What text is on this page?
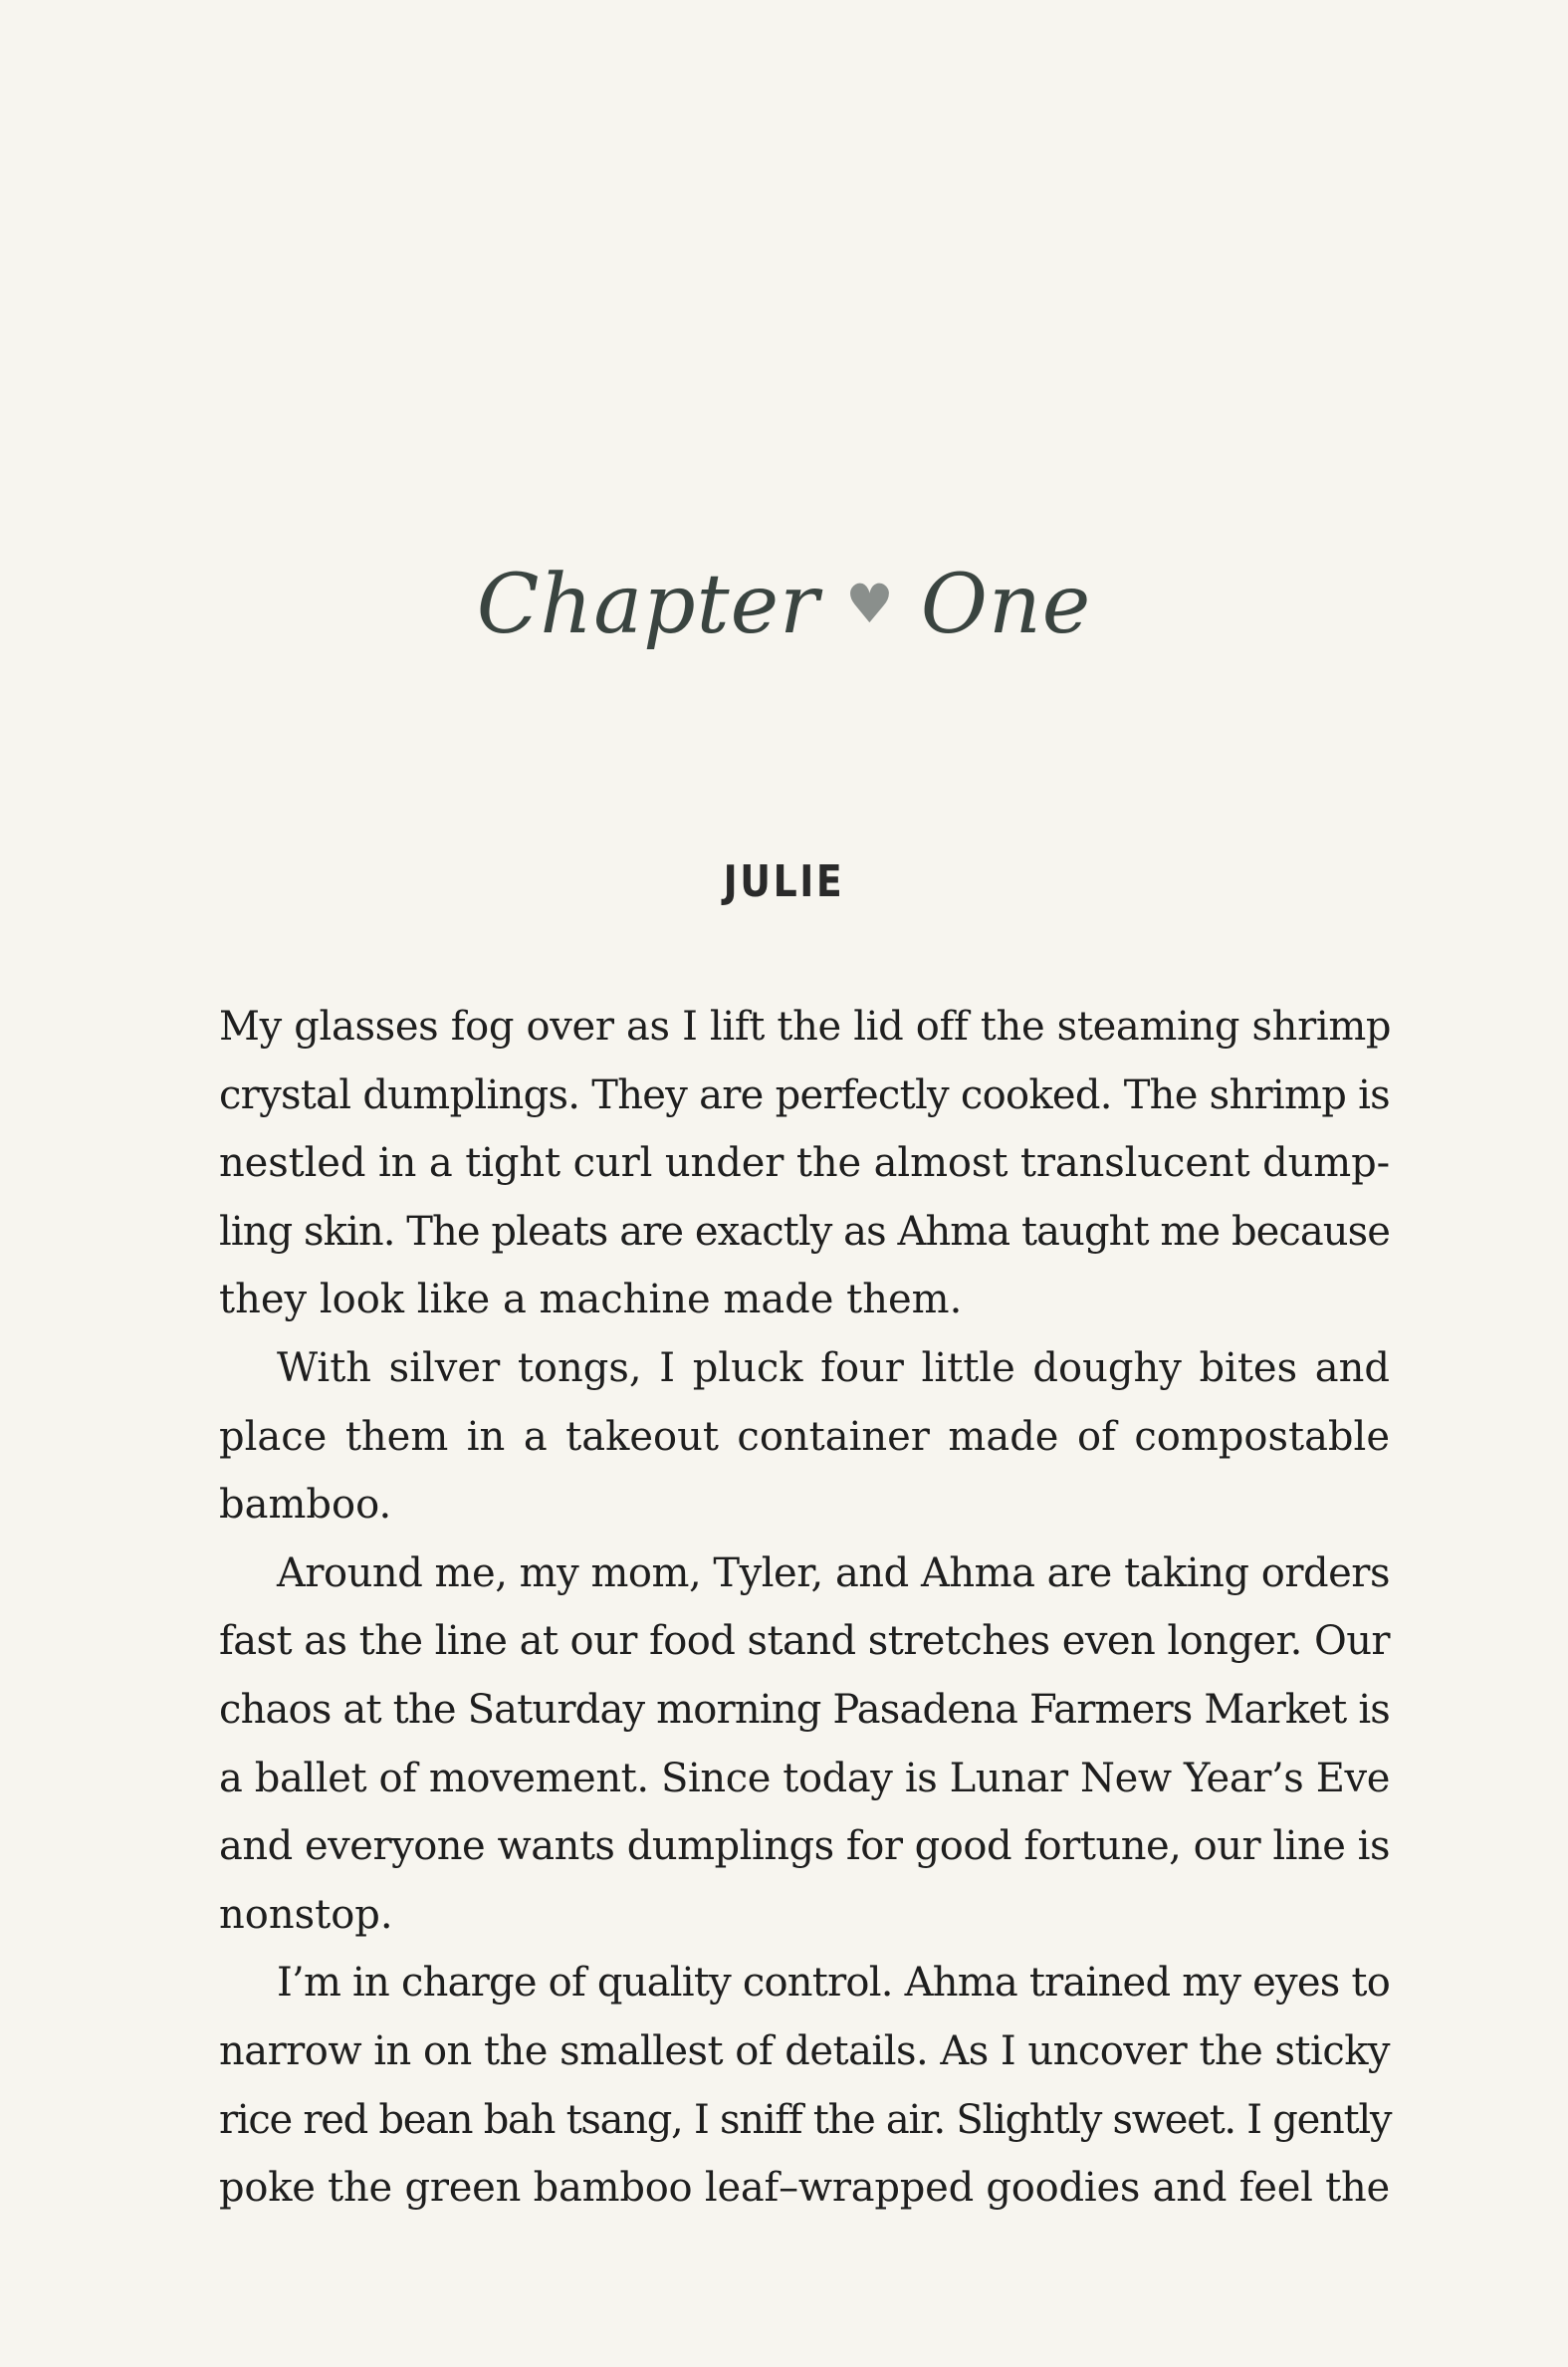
Chapter ♥ One
JULIE

My glasses fog over as I lift the lid off the steaming shrimp
crystal dumplings. They are perfectly cooked. The shrimp is
nestled in a tight curl under the almost translucent dump-
ling skin. The pleats are exactly as Ahma taught me because
they look like a machine made them.

With silver tongs, I pluck four little doughy bites and
place them in a takeout container made of compostable
bamboo.

Around me, my mom, Tyler, and Ahma are taking orders
fast as the line at our food stand stretches even longer. Our
chaos at the Saturday morning Pasadena Farmers Market is
a ballet of movement. Since today is Lunar New Year’s Eve
and everyone wants dumplings for good fortune, our line is
nonstop.

I’m in charge of quality control. Ahma trained my eyes to
narrow in on the smallest of details. As I uncover the sticky
rice red bean bah tsang, I sniff the air. Slightly sweet. I gently
poke the green bamboo leaf–wrapped goodies and feel the
